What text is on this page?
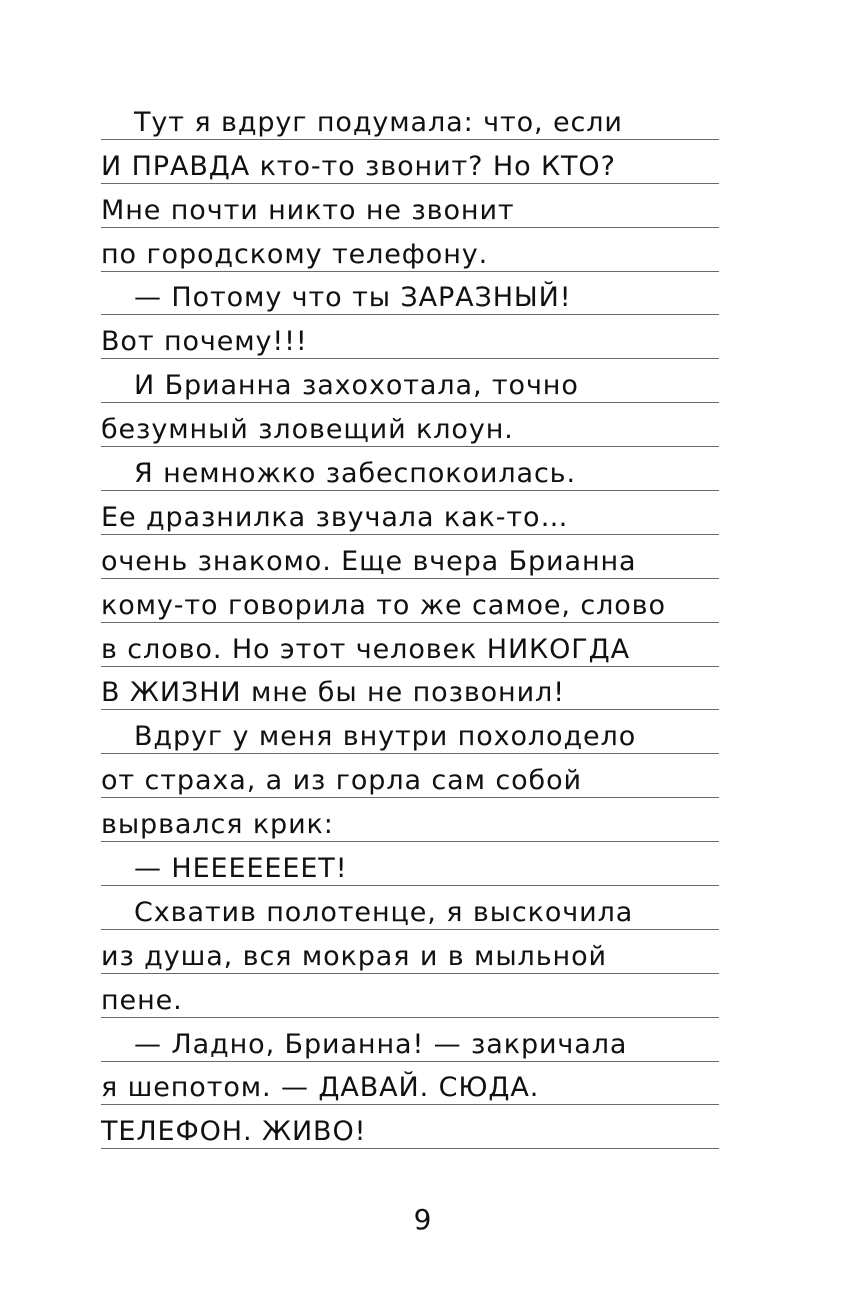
Тут я вдруг подумала: что, если
И ПРАВДА кто-то звонит? Но КТО?
Мне почти никто не звонит
по городскому телефону.
— Потому что ты ЗАРАЗНЫЙ!
Вот почему!!!
И Брианна захохотала, точно
безумный зловещий клоун.
Я немножко забеспокоилась.
Ее дразнилка звучала как-то…
очень знакомо. Еще вчера Брианна
кому-то говорила то же самое, слово
в слово. Но этот человек НИКОГДА
В ЖИЗНИ мне бы не позвонил!
Вдруг у меня внутри похолодело
от страха, а из горла сам собой
вырвался крик:
— НЕЕЕЕЕЕЕТ!
Схватив полотенце, я выскочила
из душа, вся мокрая и в мыльной
пене.
— Ладно, Брианна! — закричала
я шепотом. — ДАВАЙ. СЮДА.
ТЕЛЕФОН. ЖИВО!
9
